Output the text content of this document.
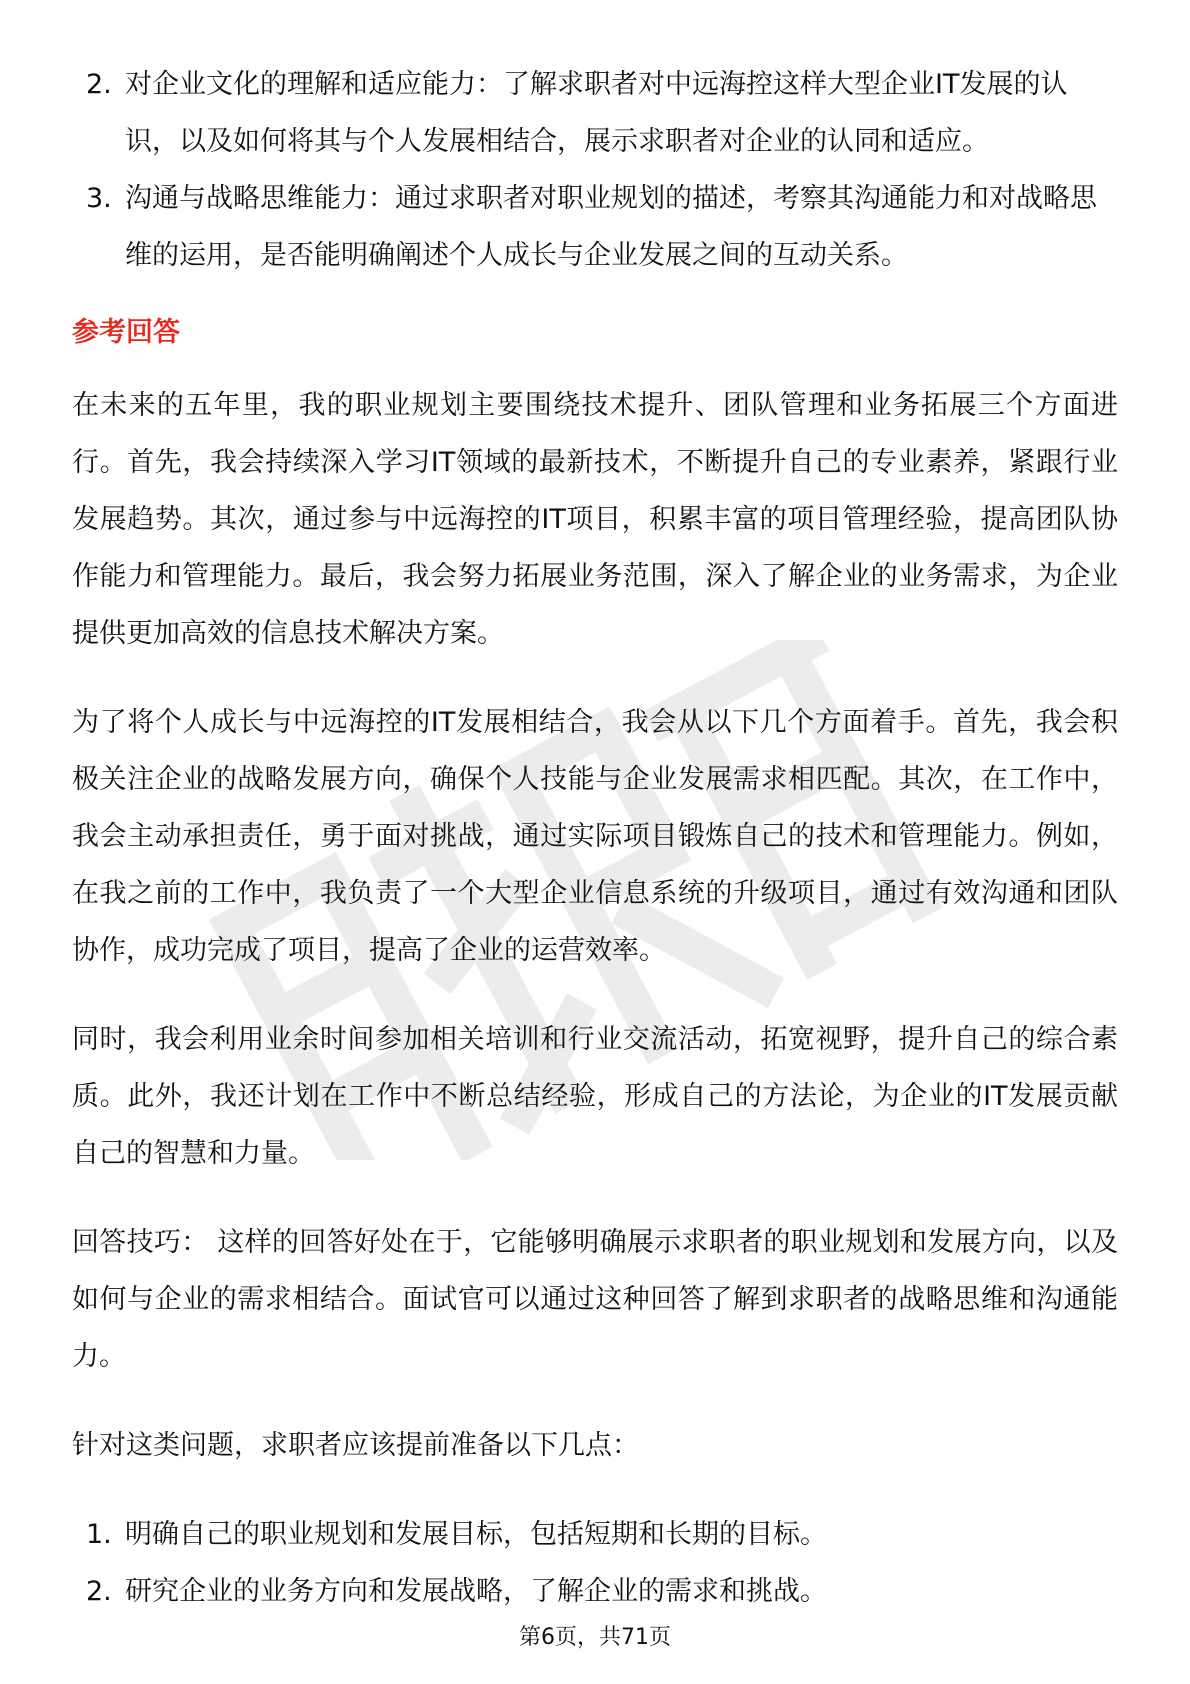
2. 对企业文化的理解和适应能力：了解求职者对中远海控这样大型企业IT发展的认识，以及如何将其与个人发展相结合，展示求职者对企业的认同和适应。
3. 沟通与战略思维能力：通过求职者对职业规划的描述，考察其沟通能力和对战略思维的运用，是否能明确阐述个人成长与企业发展之间的互动关系。
参考回答

在未来的五年里，我的职业规划主要围绕技术提升、团队管理和业务拓展三个方面进行。首先，我会持续深入学习IT领域的最新技术，不断提升自己的专业素养，紧跟行业发展趋势。其次，通过参与中远海控的IT项目，积累丰富的项目管理经验，提高团队协作能力和管理能力。最后，我会努力拓展业务范围，深入了解企业的业务需求，为企业提供更加高效的信息技术解决方案。

为了将个人成长与中远海控的IT发展相结合，我会从以下几个方面着手。首先，我会积极关注企业的战略发展方向，确保个人技能与企业发展需求相匹配。其次，在工作中，我会主动承担责任，勇于面对挑战，通过实际项目锻炼自己的技术和管理能力。例如，在我之前的工作中，我负责了一个大型企业信息系统的升级项目，通过有效沟通和团队协作，成功完成了项目，提高了企业的运营效率。

同时，我会利用业余时间参加相关培训和行业交流活动，拓宽视野，提升自己的综合素质。此外，我还计划在工作中不断总结经验，形成自己的方法论，为企业的IT发展贡献自己的智慧和力量。

回答技巧： 这样的回答好处在于，它能够明确展示求职者的职业规划和发展方向，以及如何与企业的需求相结合。面试官可以通过这种回答了解到求职者的战略思维和沟通能力。

针对这类问题，求职者应该提前准备以下几点：

1. 明确自己的职业规划和发展目标，包括短期和长期的目标。
2. 研究企业的业务方向和发展战略，了解企业的需求和挑战。
第6页，共71页
